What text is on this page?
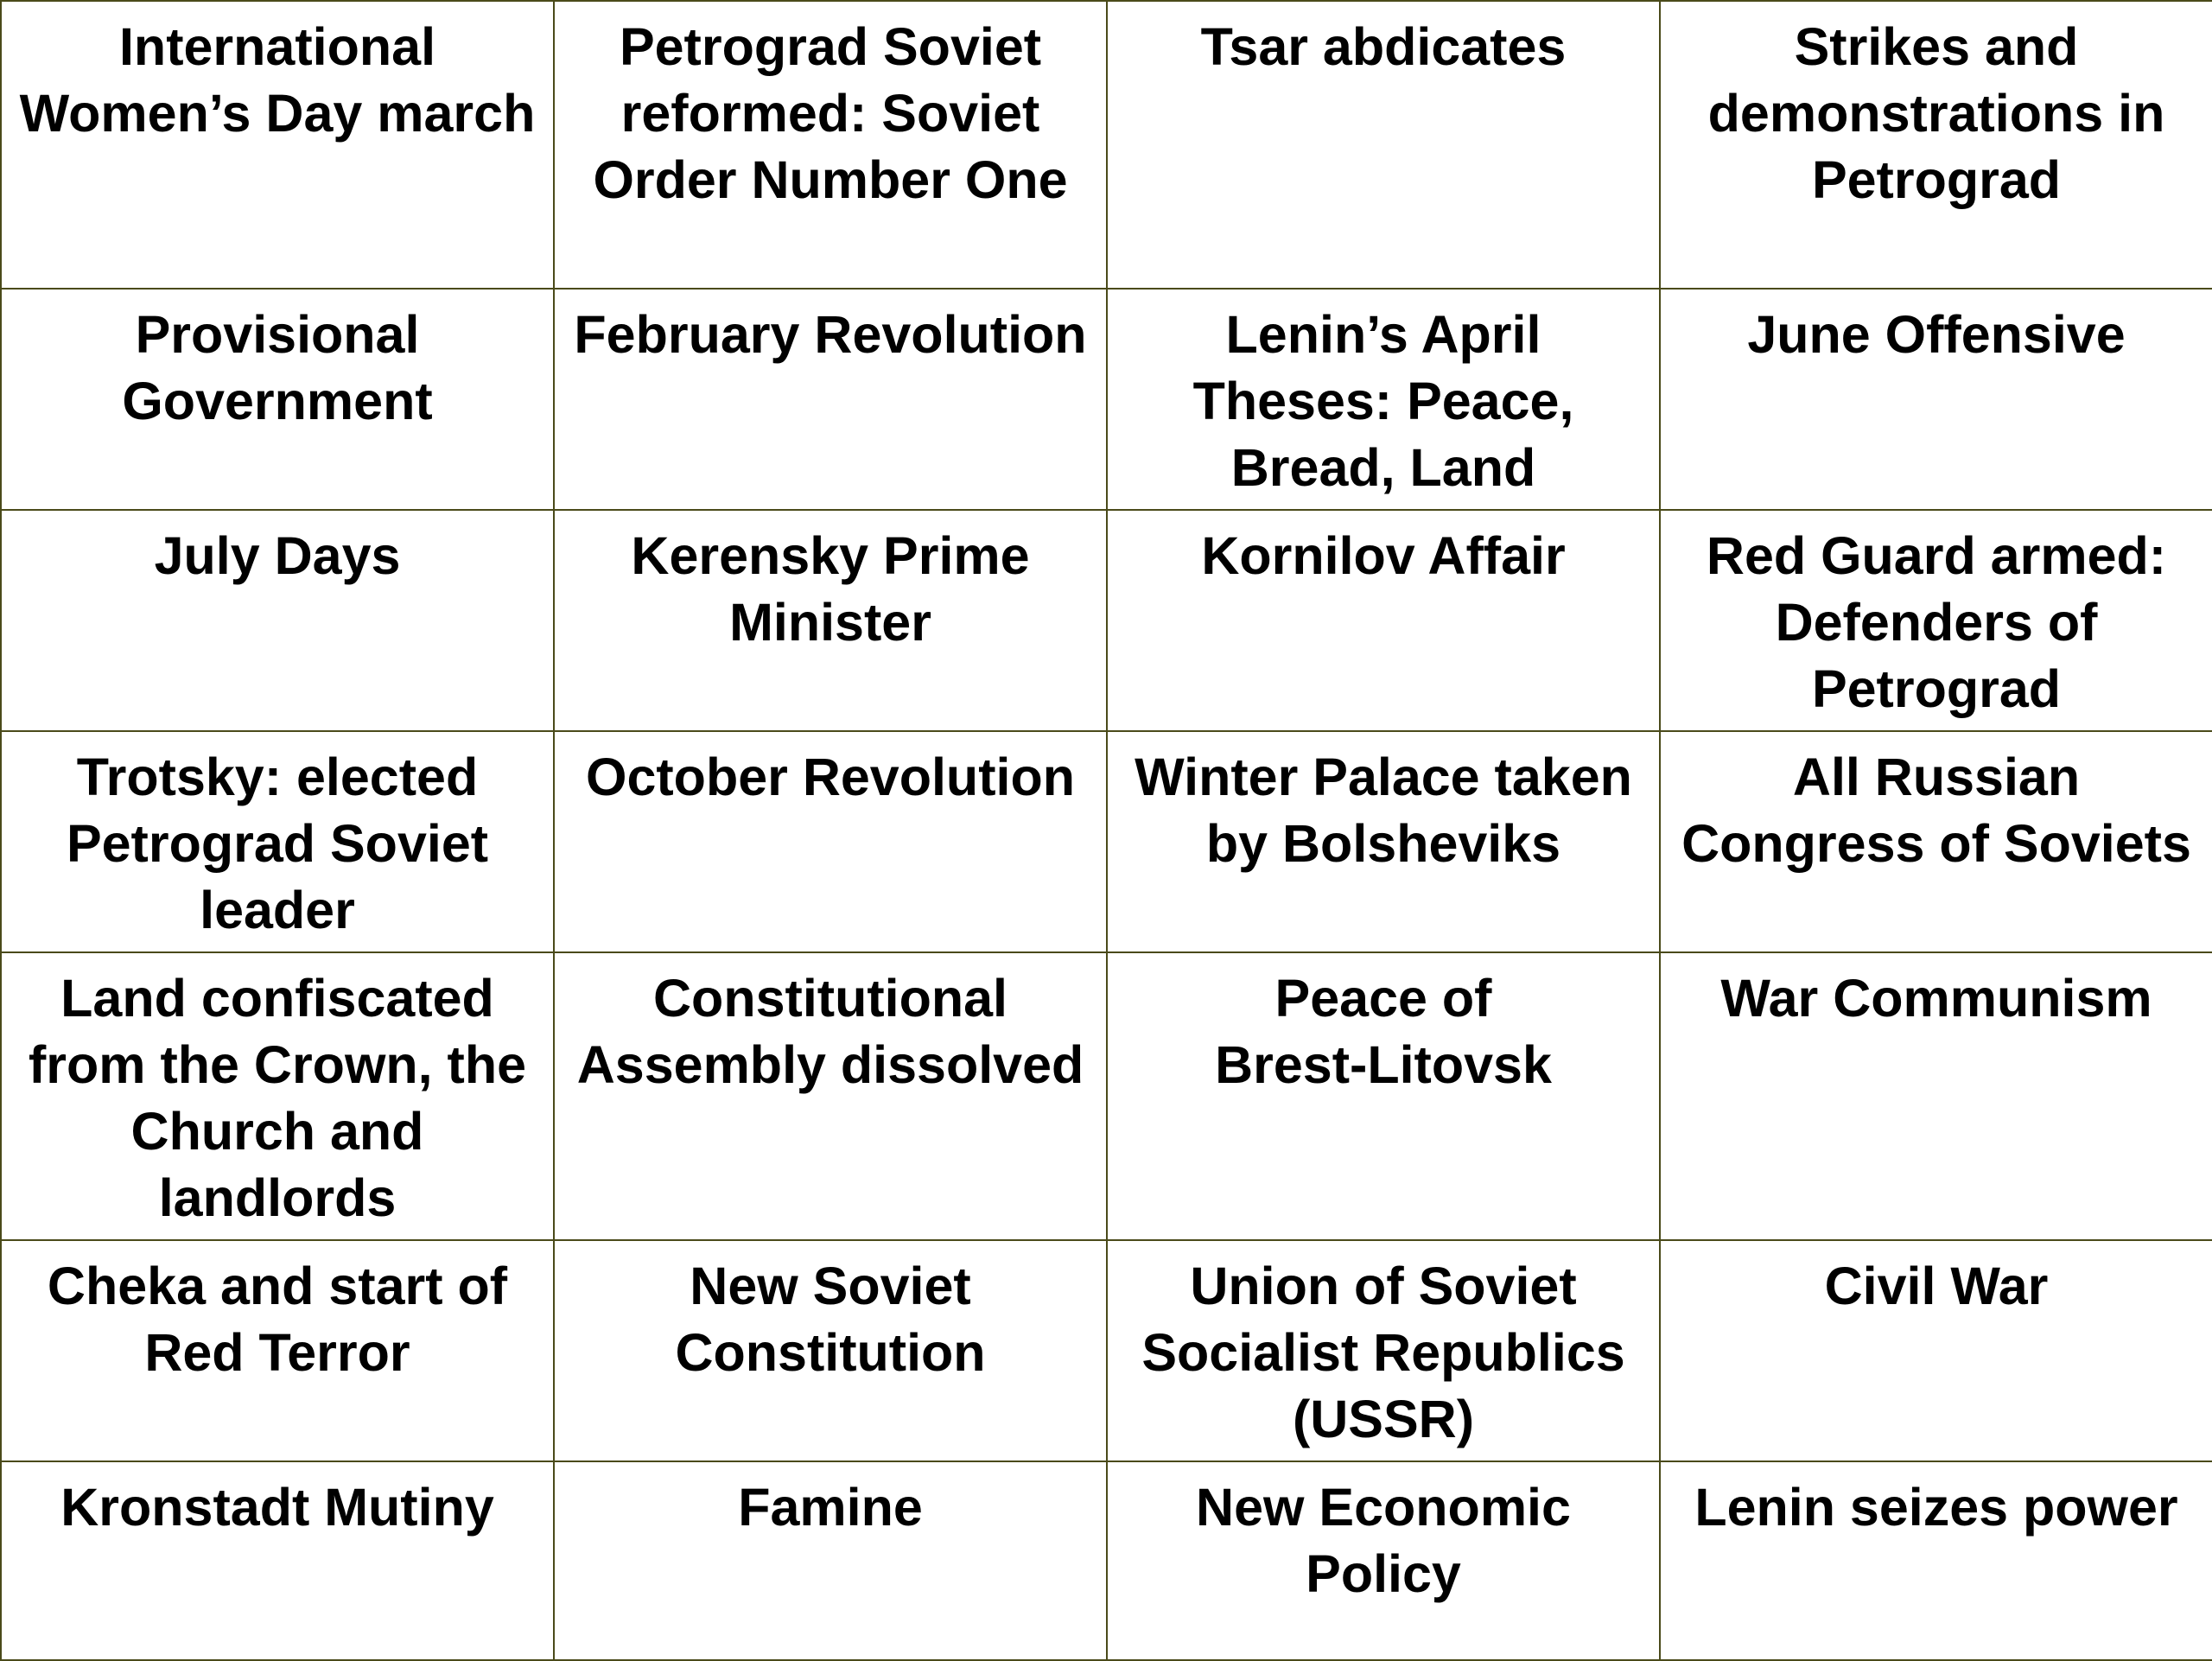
International
Women’s Day march	Petrograd Soviet
reformed: Soviet
Order Number One	Tsar abdicates	Strikes and
demonstrations in
Petrograd

Provisional
Government	February Revolution	Lenin’s April
Theses: Peace,
Bread, Land	June Offensive

July Days	Kerensky Prime
Minister	Kornilov Affair	Red Guard armed:
Defenders of
Petrograd

Trotsky: elected
Petrograd Soviet
leader	October Revolution	Winter Palace taken
by Bolsheviks	All Russian
Congress of Soviets

Land confiscated
from the Crown, the
Church and
landlords	Constitutional
Assembly dissolved	Peace of
Brest-Litovsk	War Communism

Cheka and start of
Red Terror	New Soviet
Constitution	Union of Soviet
Socialist Republics
(USSR)	Civil War

Kronstadt Mutiny	Famine	New Economic
Policy	Lenin seizes power
